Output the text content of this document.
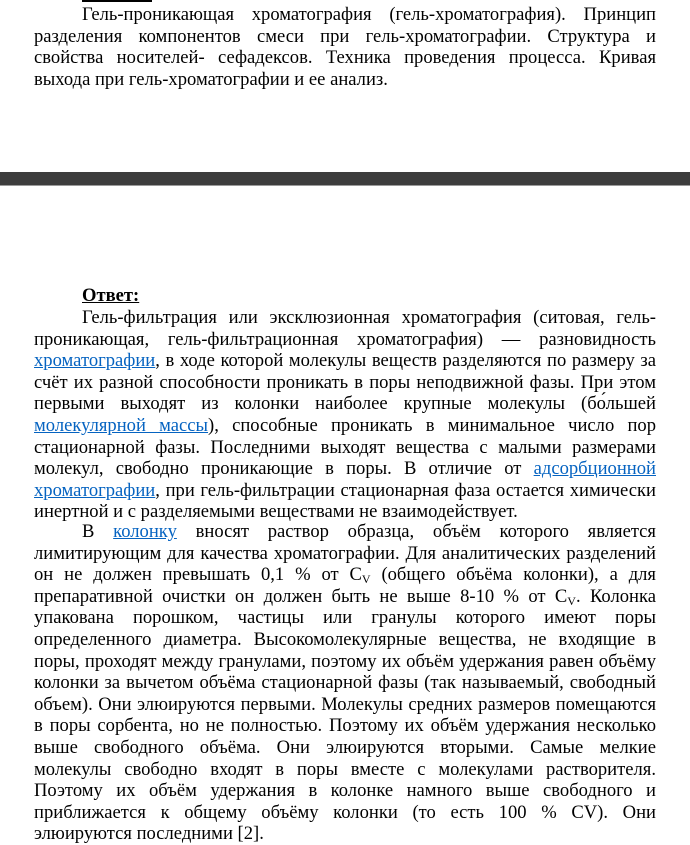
Гель-проникающая хроматография (гель-хроматография). Принцип разделения компонентов смеси при гель-хроматографии. Структура и свойства носителей- сефадексов. Техника проведения процесса. Кривая выхода при гель-хроматографии и ее анализ.

Ответ:

Гель-фильтрация или эксклюзионная хроматография (ситовая, гель-проникающая, гель-фильтрационная хроматография) — разновидность хроматографии, в ходе которой молекулы веществ разделяются по размеру за счёт их разной способности проникать в поры неподвижной фазы. При этом первыми выходят из колонки наиболее крупные молекулы (бо́льшей молекулярной массы), способные проникать в минимальное число пор стационарной фазы. Последними выходят вещества с малыми размерами молекул, свободно проникающие в поры. В отличие от адсорбционной хроматографии, при гель-фильтрации стационарная фаза остается химически инертной и с разделяемыми веществами не взаимодействует.

В колонку вносят раствор образца, объём которого является лимитирующим для качества хроматографии. Для аналитических разделений он не должен превышать 0,1 % от $C_V$ (общего объёма колонки), а для препаративной очистки он должен быть не выше 8-10 % от $C_V$. Колонка упакована порошком, частицы или гранулы которого имеют поры определенного диаметра. Высокомолекулярные вещества, не входящие в поры, проходят между гранулами, поэтому их объём удержания равен объёму колонки за вычетом объёма стационарной фазы (так называемый, свободный объем). Они элюируются первыми. Молекулы средних размеров помещаются в поры сорбента, но не полностью. Поэтому их объём удержания несколько выше свободного объёма. Они элюируются вторыми. Самые мелкие молекулы свободно входят в поры вместе с молекулами растворителя. Поэтому их объём удержания в колонке намного выше свободного и приближается к общему объёму колонки (то есть 100 % CV). Они элюируются последними [2].
